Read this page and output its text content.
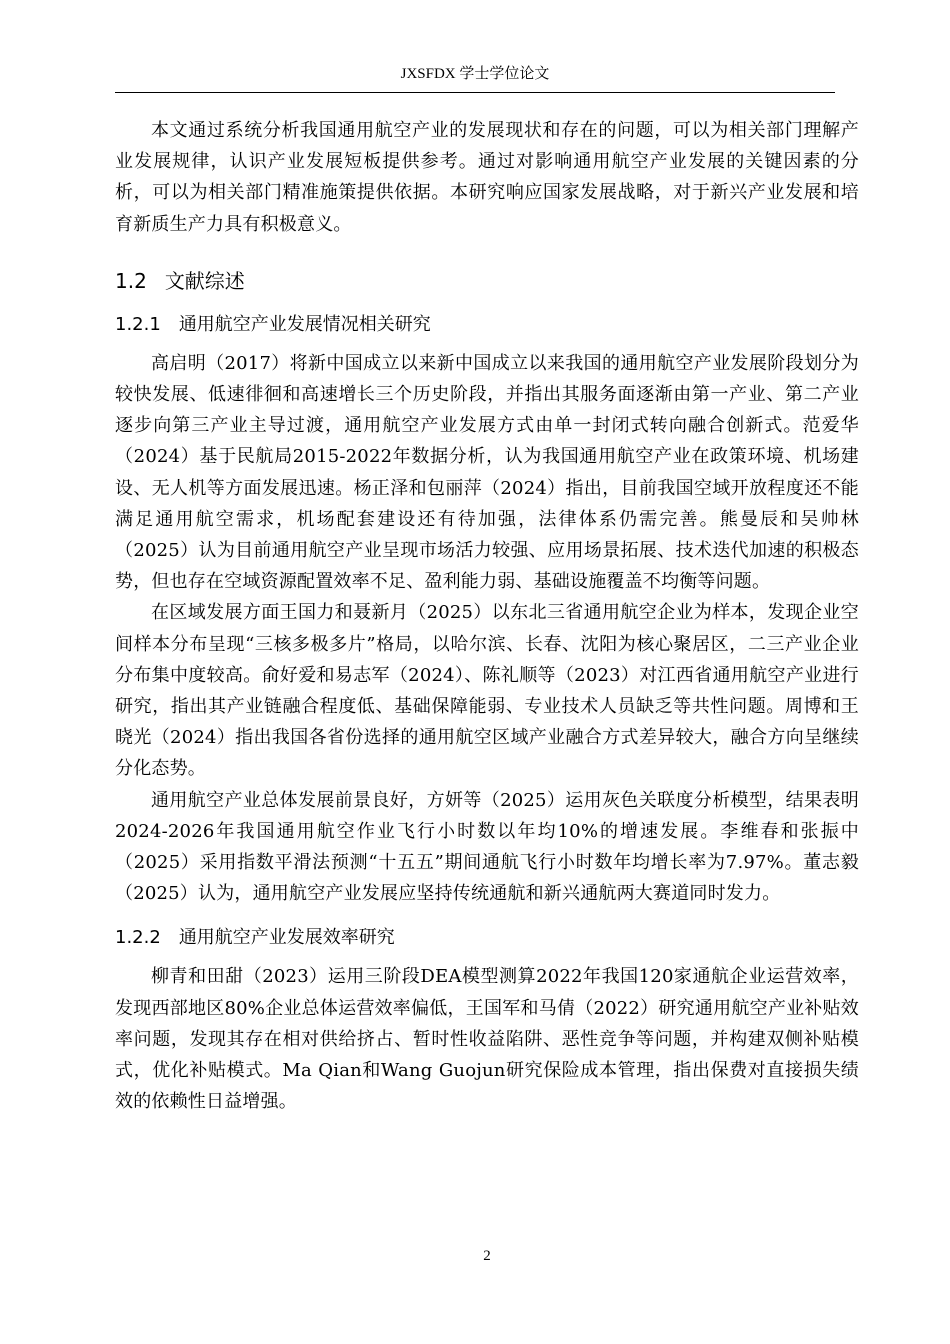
JXSFDX 学士学位论文

本文通过系统分析我国通用航空产业的发展现状和存在的问题，可以为相关部门理解产业发展规律，认识产业发展短板提供参考。通过对影响通用航空产业发展的关键因素的分析，可以为相关部门精准施策提供依据。本研究响应国家发展战略，对于新兴产业发展和培育新质生产力具有积极意义。

1.2 文献综述
1.2.1 通用航空产业发展情况相关研究

高启明（2017）将新中国成立以来新中国成立以来我国的通用航空产业发展阶段划分为较快发展、低速徘徊和高速增长三个历史阶段，并指出其服务面逐渐由第一产业、第二产业逐步向第三产业主导过渡，通用航空产业发展方式由单一封闭式转向融合创新式。范爱华（2024）基于民航局2015-2022年数据分析，认为我国通用航空产业在政策环境、机场建设、无人机等方面发展迅速。杨正泽和包丽萍（2024）指出，目前我国空域开放程度还不能满足通用航空需求，机场配套建设还有待加强，法律体系仍需完善。熊曼辰和吴帅林（2025）认为目前通用航空产业呈现市场活力较强、应用场景拓展、技术迭代加速的积极态势，但也存在空域资源配置效率不足、盈利能力弱、基础设施覆盖不均衡等问题。

在区域发展方面王国力和聂新月（2025）以东北三省通用航空企业为样本，发现企业空间样本分布呈现“三核多极多片”格局，以哈尔滨、长春、沈阳为核心聚居区，二三产业企业分布集中度较高。俞好爱和易志军（2024）、陈礼顺等（2023）对江西省通用航空产业进行研究，指出其产业链融合程度低、基础保障能弱、专业技术人员缺乏等共性问题。周博和王晓光（2024）指出我国各省份选择的通用航空区域产业融合方式差异较大，融合方向呈继续分化态势。

通用航空产业总体发展前景良好，方妍等（2025）运用灰色关联度分析模型，结果表明2024-2026年我国通用航空作业飞行小时数以年均10%的增速发展。李维春和张振中（2025）采用指数平滑法预测“十五五”期间通航飞行小时数年均增长率为7.97%。董志毅（2025）认为，通用航空产业发展应坚持传统通航和新兴通航两大赛道同时发力。

1.2.2 通用航空产业发展效率研究

柳青和田甜（2023）运用三阶段DEA模型测算2022年我国120家通航企业运营效率，发现西部地区80%企业总体运营效率偏低，王国军和马倩（2022）研究通用航空产业补贴效率问题，发现其存在相对供给挤占、暂时性收益陷阱、恶性竞争等问题，并构建双侧补贴模式，优化补贴模式。Ma Qian和Wang Guojun研究保险成本管理，指出保费对直接损失绩效的依赖性日益增强。

2
